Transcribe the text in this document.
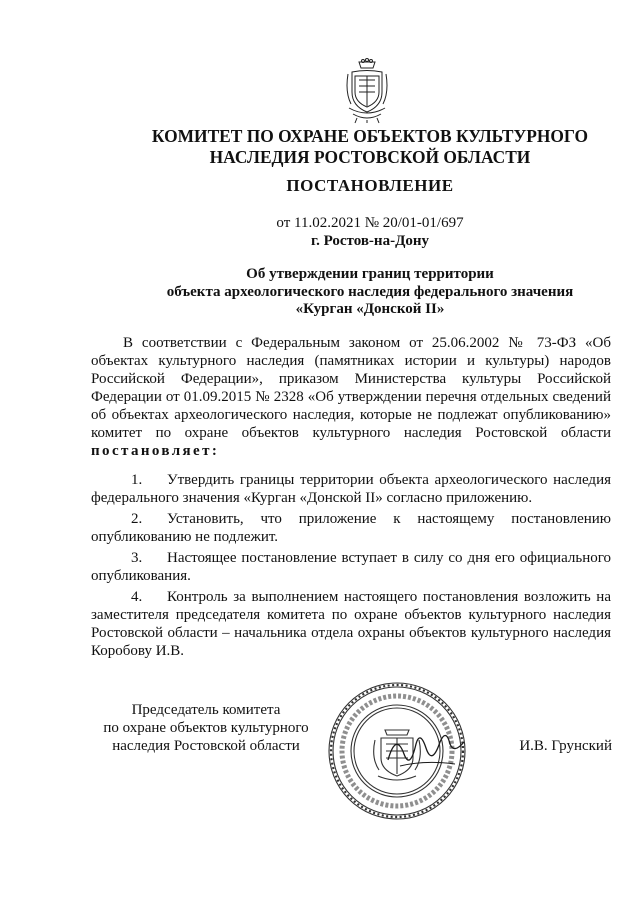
КОМИТЕТ ПО ОХРАНЕ ОБЪЕКТОВ КУЛЬТУРНОГО
НАСЛЕДИЯ РОСТОВСКОЙ ОБЛАСТИ
ПОСТАНОВЛЕНИЕ
от 11.02.2021 № 20/01-01/697
г. Ростов-на-Дону
Об утверждении границ территории
объекта археологического наследия федерального значения
«Курган «Донской II»

В соответствии с Федеральным законом от 25.06.2002 № 73-ФЗ «Об объектах культурного наследия (памятниках истории и культуры) народов Российской Федерации», приказом Министерства культуры Российской Федерации от 01.09.2015 № 2328 «Об утверждении перечня отдельных сведений об объектах археологического наследия, которые не подлежат опубликованию» комитет по охране объектов культурного наследия Ростовской области постановляет:

1. Утвердить границы территории объекта археологического наследия федерального значения «Курган «Донской II» согласно приложению.
2. Установить, что приложение к настоящему постановлению опубликованию не подлежит.
3. Настоящее постановление вступает в силу со дня его официального опубликования.
4. Контроль за выполнением настоящего постановления возложить на заместителя председателя комитета по охране объектов культурного наследия Ростовской области – начальника отдела охраны объектов культурного наследия Коробову И.В.
Председатель комитета
по охране объектов культурного
наследия Ростовской области	И.В. Грунский
